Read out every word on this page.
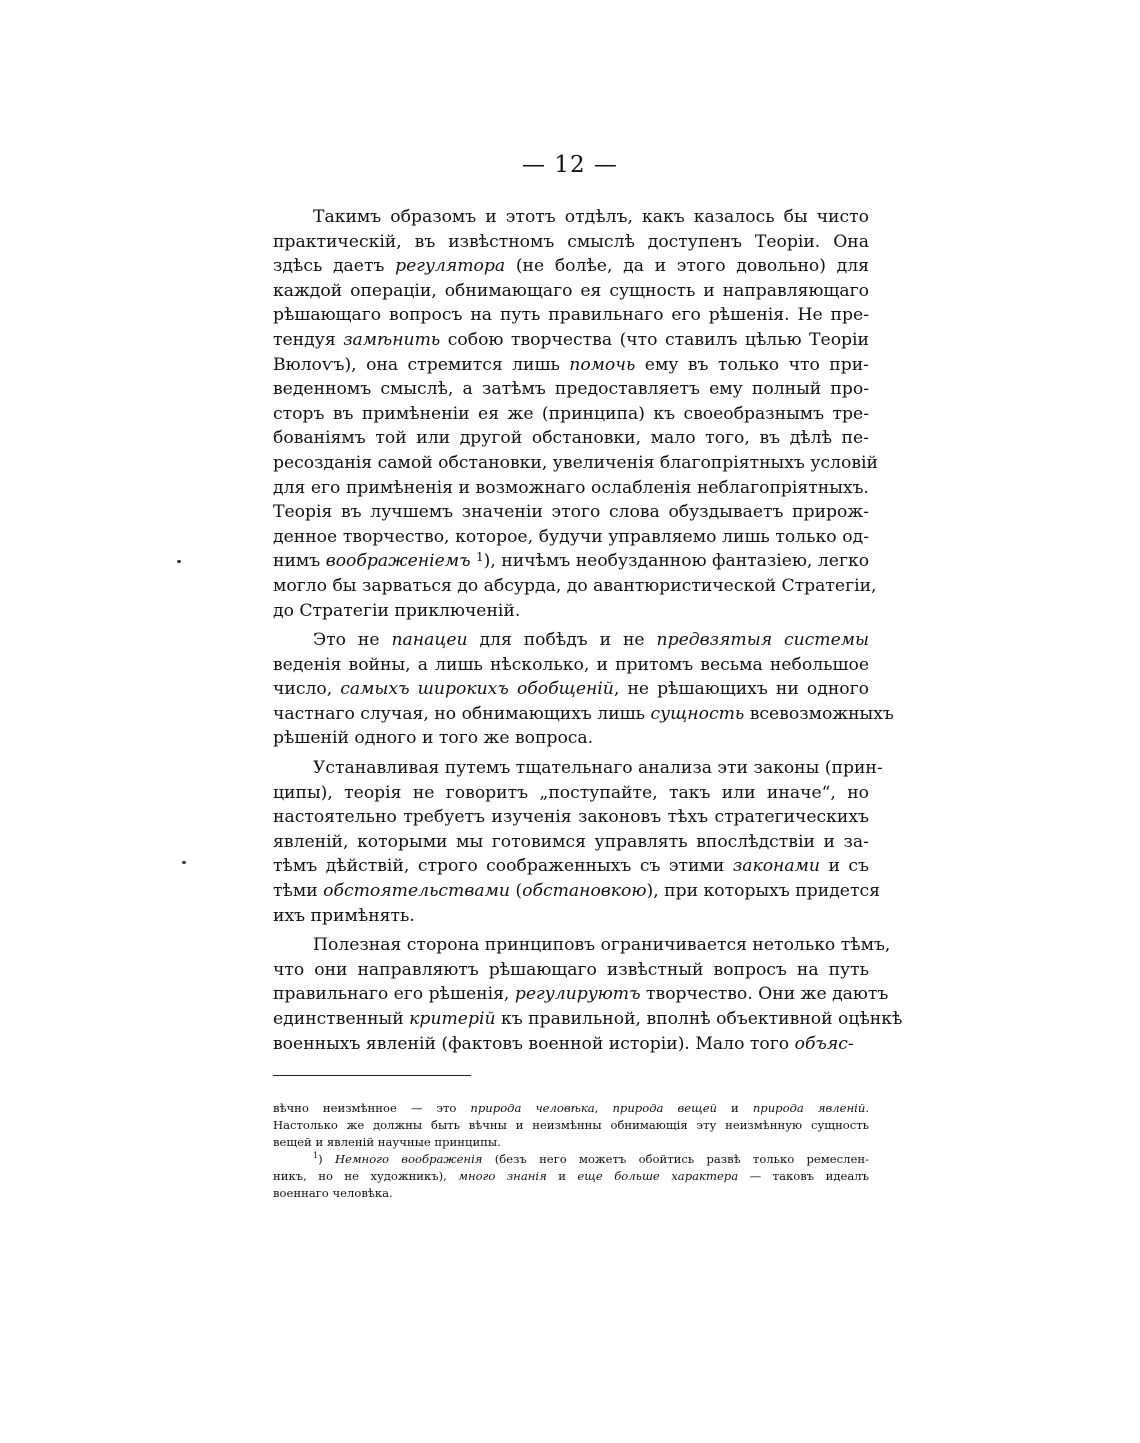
— 12 —
Такимъ образомъ и этотъ отдѣлъ, какъ казалось бы чисто
практическій, въ извѣстномъ смыслѣ доступенъ Теоріи. Она
здѣсь даетъ регулятора (не болѣе, да и этого довольно) для
каждой операціи, обнимающаго ея сущность и направляющаго
рѣшающаго вопросъ на путь правильнаго его рѣшенія. Не пре-
тендуя замѣнить собою творчества (что ставилъ цѣлью Теоріи
Вюлоѵъ), она стремится лишь помочь ему въ только что при-
веденномъ смыслѣ, а затѣмъ предоставляетъ ему полный про-
сторъ въ примѣненіи ея же (принципа) къ своеобразнымъ тре-
бованіямъ той или другой обстановки, мало того, въ дѣлѣ пе-
ресозданія самой обстановки, увеличенія благопріятныхъ условій
для его примѣненія и возможнаго ослабленія неблагопріятныхъ.
Теорія въ лучшемъ значеніи этого слова обуздываетъ прирож-
денное творчество, которое, будучи управляемо лишь только од-
нимъ воображеніемъ $^1$), ничѣмъ необузданною фантазіею, легко
могло бы зарваться до абсурда, до авантюристической Стратегіи,
до Стратегіи приключеній.
Это не панацеи для побѣдъ и не предвзятыя системы
веденія войны, а лишь нѣсколько, и притомъ весьма небольшое
число, самыхъ широкихъ обобщеній, не рѣшающихъ ни одного
частнаго случая, но обнимающихъ лишь сущность всевозможныхъ
рѣшеній одного и того же вопроса.
Устанавливая путемъ тщательнаго анализа эти законы (прин-
ципы), теорія не говоритъ „поступайте, такъ или иначе“, но
настоятельно требуетъ изученія законовъ тѣхъ стратегическихъ
явленій, которыми мы готовимся управлять впослѣдствіи и за-
тѣмъ дѣйствій, строго соображенныхъ съ этими законами и съ
тѣми обстоятельствами (обстановкою), при которыхъ придется
ихъ примѣнять.
Полезная сторона принциповъ ограничивается нетолько тѣмъ,
что они направляютъ рѣшающаго извѣстный вопросъ на путь
правильнаго его рѣшенія, регулируютъ творчество. Они же даютъ
единственный критерій къ правильной, вполнѣ объективной оцѣнкѣ
военныхъ явленій (фактовъ военной исторіи). Мало того объяс-
вѣчно неизмѣнное — это природа человѣка, природа вещей и природа явленій.
Настолько же должны быть вѣчны и неизмѣнны обнимающія эту неизмѣнную сущность
вещей и явленій научные принципы.
$^1$) Немного воображенія (безъ него можетъ обойтись развѣ только ремеслен-
никъ, но не художникъ), много знанія и еще больше характера — таковъ идеалъ
военнаго человѣка.
